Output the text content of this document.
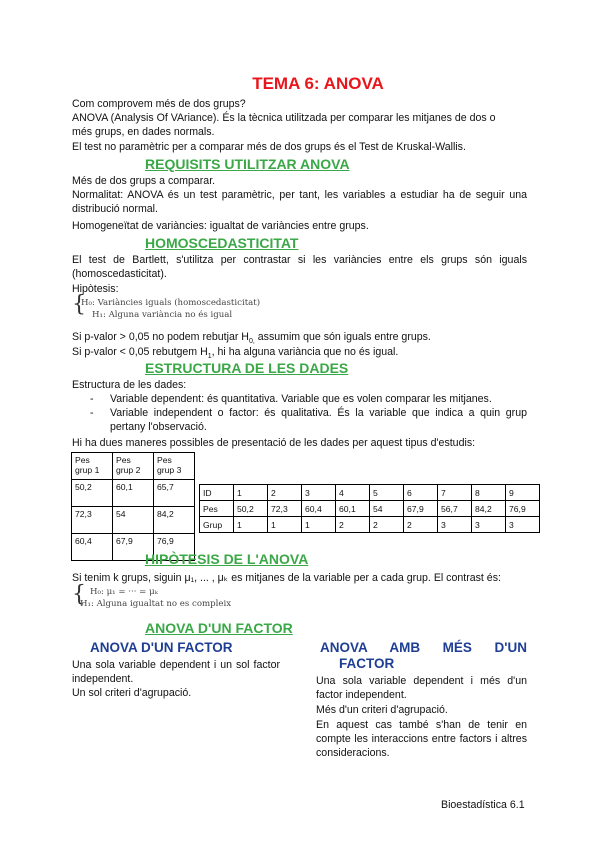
TEMA 6: ANOVA
Com comprovem més de dos grups?
ANOVA (Analysis Of VAriance). És la tècnica utilitzada per comparar les mitjanes de dos o
més grups, en dades normals.
El test no paramètric per a comparar més de dos grups és el Test de Kruskal-Wallis.
REQUISITS UTILITZAR ANOVA
Més de dos grups a comparar.
Normalitat: ANOVA és un test paramètric, per tant, les variables a estudiar ha de seguir una distribució normal.
Homogeneïtat de variàncies: igualtat de variàncies entre grups.
HOMOSCEDASTICITAT
El test de Bartlett, s'utilitza per contrastar si les variàncies entre els grups són iguals (homoscedasticitat).
Hipòtesis:
{
H₀: Variàncies iguals (homoscedasticitat)
H₁: Alguna variància no és igual
Si p-valor > 0,05 no podem rebutjar $H_{0,}$ assumim que són iguals entre grups.
Si p-valor < 0,05 rebutgem $H_1$, hi ha alguna variància que no és igual.
ESTRUCTURA DE LES DADES
Estructura de les dades:
- Variable dependent: és quantitativa. Variable que es volen comparar les mitjanes.
- Variable independent o factor: és qualitativa. És la variable que indica a quin grup pertany l'observació.
Hi ha dues maneres possibles de presentació de les dades per aquest tipus d'estudis:
Pes grup 1	Pes grup 2	Pes grup 3
50,2	60,1	65,7
72,3	54	84,2
60,4	67,9	76,9
ID	1	2	3	4	5	6	7	8	9
Pes	50,2	72,3	60,4	60,1	54	67,9	56,7	84,2	76,9
Grup	1	1	1	2	2	2	3	3	3
HIPÒTESIS DE L'ANOVA
Si tenim k grups, siguin μ₁, ... , μₖ es mitjanes de la variable per a cada grup. El contrast és:
{ H₀: μ₁ = ··· = μₖ
H₁: Alguna igualtat no es compleix
ANOVA D'UN FACTOR
ANOVA D'UN FACTOR
Una sola variable dependent i un sol factor independent.
Un sol criteri d'agrupació.
ANOVA AMB MÉS D'UN
FACTOR
Una sola variable dependent i més d'un factor independent.
Més d'un criteri d'agrupació.
En aquest cas també s'han de tenir en compte les interaccions entre factors i altres consideracions.
Bioestadística 6.1
